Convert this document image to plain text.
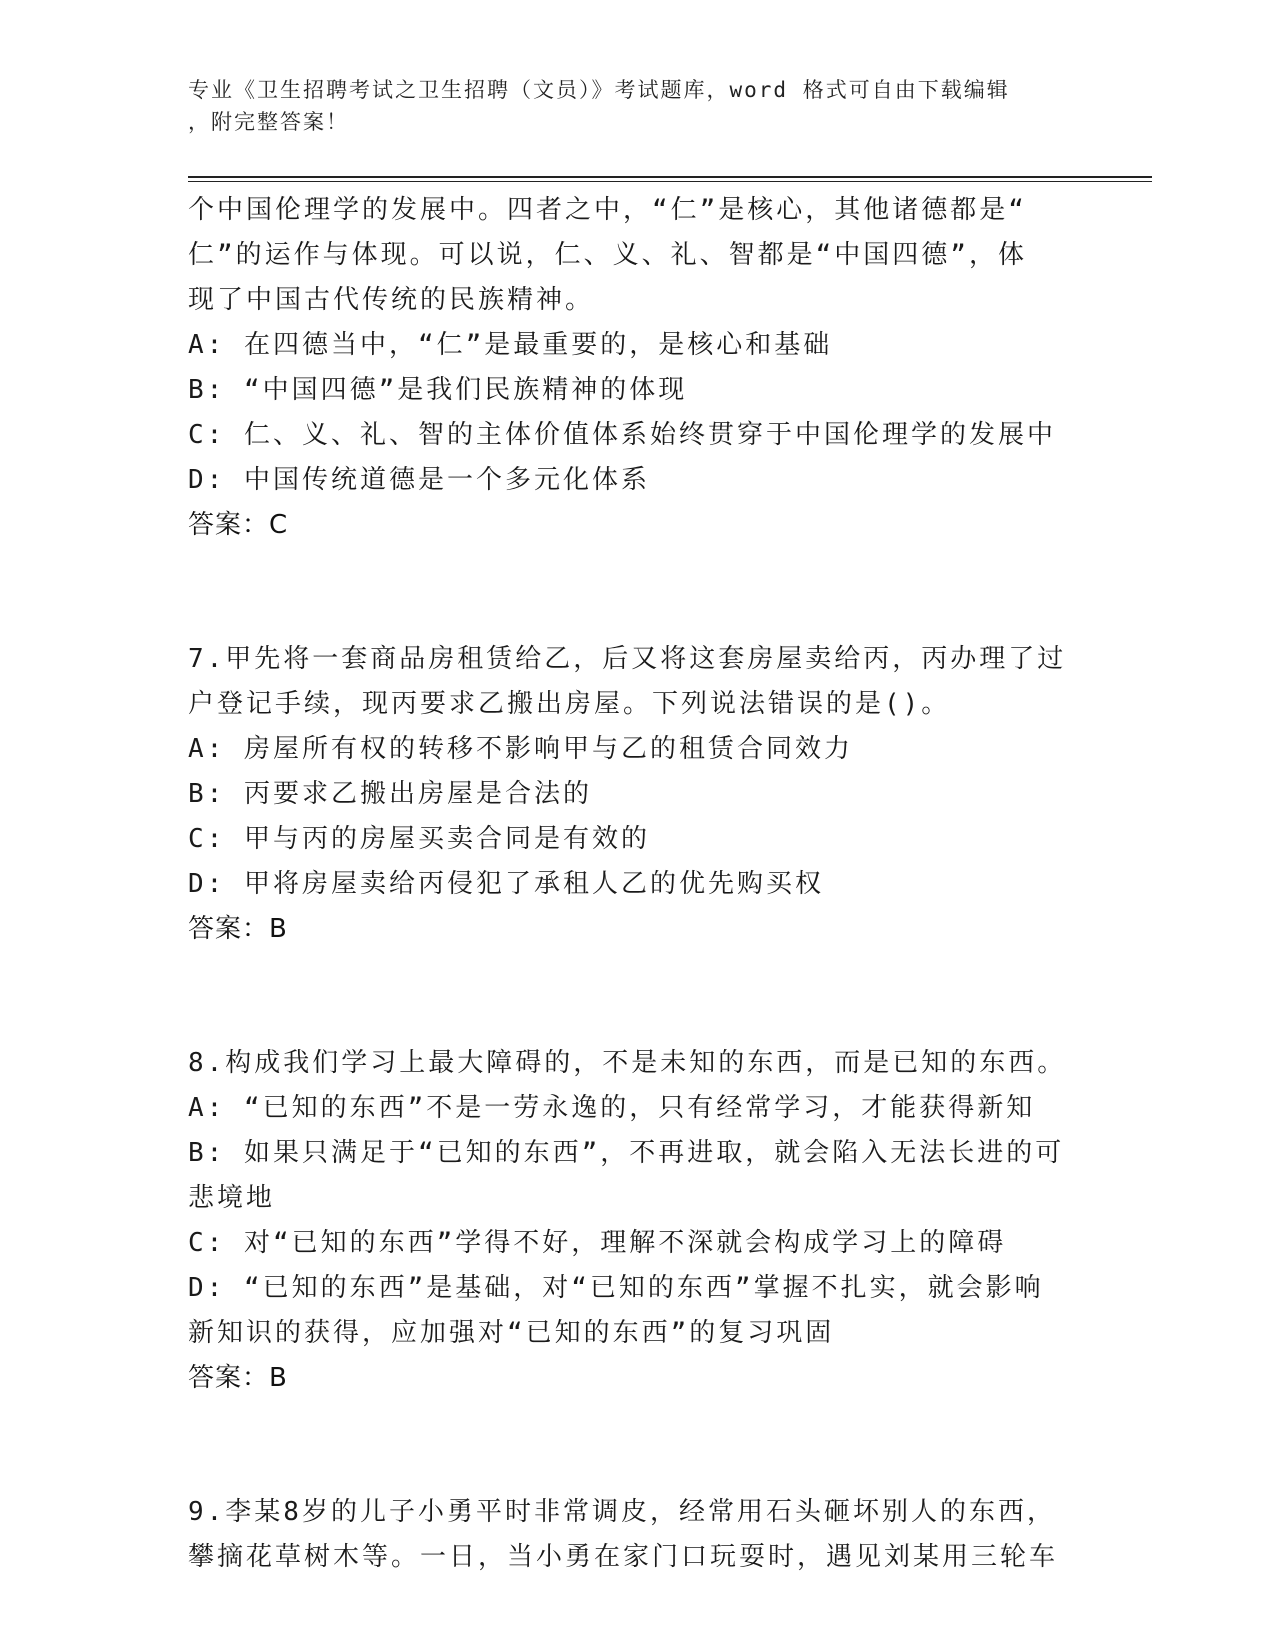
专业《卫生招聘考试之卫生招聘（文员）》考试题库，word 格式可自由下载编辑
，附完整答案！
个中国伦理学的发展中。四者之中，“仁”是核心，其他诸德都是“
仁”的运作与体现。可以说，仁、义、礼、智都是“中国四德”，体
现了中国古代传统的民族精神。
A: 在四德当中，“仁”是最重要的，是核心和基础
B: “中国四德”是我们民族精神的体现
C: 仁、义、礼、智的主体价值体系始终贯穿于中国伦理学的发展中
D: 中国传统道德是一个多元化体系
答案：C
7.甲先将一套商品房租赁给乙，后又将这套房屋卖给丙，丙办理了过
户登记手续，现丙要求乙搬出房屋。下列说法错误的是()。
A: 房屋所有权的转移不影响甲与乙的租赁合同效力
B: 丙要求乙搬出房屋是合法的
C: 甲与丙的房屋买卖合同是有效的
D: 甲将房屋卖给丙侵犯了承租人乙的优先购买权
答案：B
8.构成我们学习上最大障碍的，不是未知的东西，而是已知的东西。
A: “已知的东西”不是一劳永逸的，只有经常学习，才能获得新知
B: 如果只满足于“已知的东西”，不再进取，就会陷入无法长进的可
悲境地
C: 对“已知的东西”学得不好，理解不深就会构成学习上的障碍
D: “已知的东西”是基础，对“已知的东西”掌握不扎实，就会影响
新知识的获得，应加强对“已知的东西”的复习巩固
答案：B
9.李某8岁的儿子小勇平时非常调皮，经常用石头砸坏别人的东西，
攀摘花草树木等。一日，当小勇在家门口玩耍时，遇见刘某用三轮车
